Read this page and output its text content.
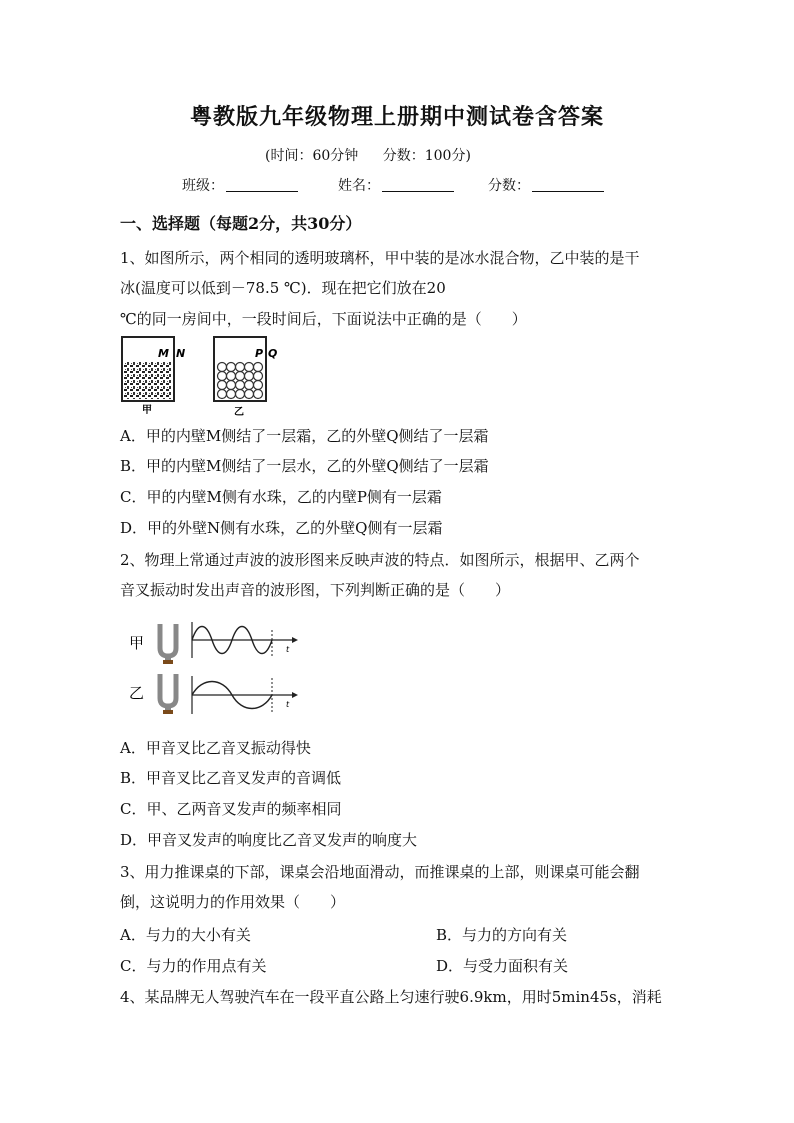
粤教版九年级物理上册期中测试卷含答案
(时间：60分钟 分数：100分)
班级：	姓名：	分数：
一、选择题（每题2分，共30分）
1、如图所示，两个相同的透明玻璃杯，甲中装的是冰水混合物，乙中装的是干
冰(温度可以低到－78.5 ℃)．现在把它们放在20
℃的同一房间中，一段时间后，下面说法中正确的是（　　）
M N
甲
P Q
乙
A．甲的内壁M侧结了一层霜，乙的外壁Q侧结了一层霜
B．甲的内壁M侧结了一层水，乙的外壁Q侧结了一层霜
C．甲的内壁M侧有水珠，乙的内壁P侧有一层霜
D．甲的外壁N侧有水珠，乙的外壁Q侧有一层霜
2、物理上常通过声波的波形图来反映声波的特点．如图所示，根据甲、乙两个
音叉振动时发出声音的波形图，下列判断正确的是（　　）
甲
乙
t
t
A．甲音叉比乙音叉振动得快
B．甲音叉比乙音叉发声的音调低
C．甲、乙两音叉发声的频率相同
D．甲音叉发声的响度比乙音叉发声的响度大
3、用力推课桌的下部，课桌会沿地面滑动，而推课桌的上部，则课桌可能会翻
倒，这说明力的作用效果（　　）
A．与力的大小有关	B．与力的方向有关
C．与力的作用点有关	D．与受力面积有关
4、某品牌无人驾驶汽车在一段平直公路上匀速行驶6.9km，用时5min45s，消耗
